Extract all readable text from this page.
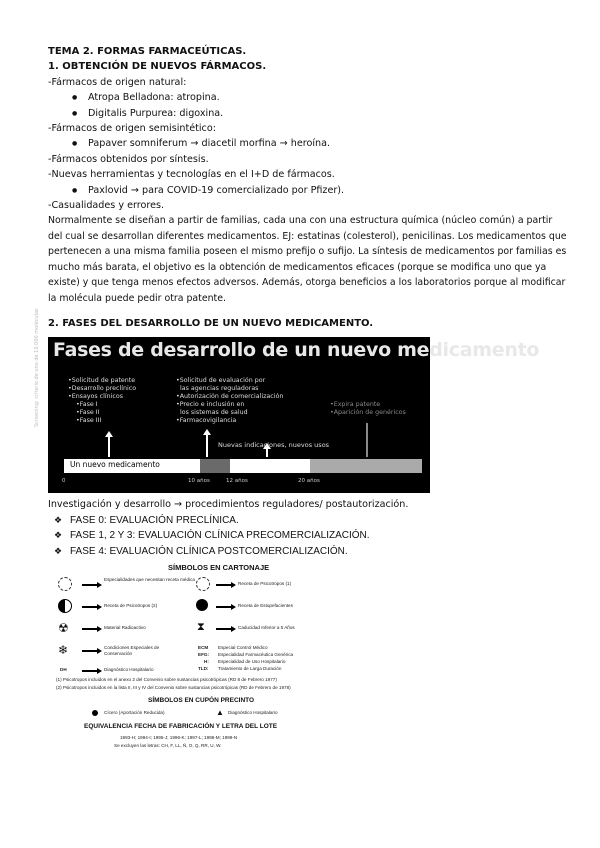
TEMA 2. FORMAS FARMACEÚTICAS.
1. OBTENCIÓN DE NUEVOS FÁRMACOS.
-Fármacos de origen natural:
● Atropa Belladona: atropina.
● Digitalis Purpurea: digoxina.
-Fármacos de origen semisintético:
● Papaver somniferum → diacetil morfina → heroína.
-Fármacos obtenidos por síntesis.
-Nuevas herramientas y tecnologías en el I+D de fármacos.
● Paxlovid → para COVID-19 comercializado por Pfizer).
-Casualidades y errores.
Normalmente se diseñan a partir de familias, cada una con una estructura química (núcleo común) a partir del cual se desarrollan diferentes medicamentos. EJ: estatinas (colesterol), penicilinas. Los medicamentos que pertenecen a una misma familia poseen el mismo prefijo o sufijo. La síntesis de medicamentos por familias es mucho más barata, el objetivo es la obtención de medicamentos eficaces (porque se modifica uno que ya existe) y que tenga menos efectos adversos. Además, otorga beneficios a los laboratorios porque al modificar la molécula puede pedir otra patente.
2. FASES DEL DESARROLLO DE UN NUEVO MEDICAMENTO.
Fases de desarrollo de un nuevo medicamento
Screening: criterio de uno de 10.000 moléculas	•Solicitud de patente
•Desarrollo preclínico
•Ensayos clínicos
•Fase I
•Fase II
•Fase III
•Solicitud de evaluación por
las agencias reguladoras
•Autorización de comercialización
•Precio e inclusión en
los sistemas de salud
•Farmacovigilancia
•Expira patente
•Aparición de genéricos
Nuevas indicaciones, nuevos usos
Un nuevo medicamento
0	10 años	12 años	20 años
Investigación y desarrollo → procedimientos reguladores/ postautorización.
❖ FASE 0: EVALUACIÓN PRECLÍNICA.
❖ FASE 1, 2 Y 3: EVALUACIÓN CLÍNICA PRECOMERCIALIZACIÓN.
❖ FASE 4: EVALUACIÓN CLÍNICA POSTCOMERCIALIZACIÓN.
SÍMBOLOS EN CARTONAJE
Especialidades que necesitan receta médica
Receta de Psicotropos (2)
☢	Material Radioactivo
❄	Condiciones Especiales de Conservación
DH	Diagnóstico Hospitalario
Receta de Psicotropos (1)
Receta de Estupefacientes
⧗	Caducidad Inferior a 5 Años
ECM Especial Control Médico
EFG: Especialidad Farmacéutica Genérica
H: Especialidad de Uso Hospitalario
TLD: Tratamiento de Larga Duración
(1) Psicotropos incluidos en el anexo 2 del Convenio sobre sustancias psicotrópicas (RD 8 de Febrero 1977)
(2) Psicotropos incluidos en la lista II, III y IV del Convenio sobre sustancias psicotrópicas (RD de Febrero de 1978)
SÍMBOLOS EN CUPÓN PRECINTO
Cícero (Aportación Reducida)	▲ Diagnóstico Hospitalario
EQUIVALENCIA FECHA DE FABRICACIÓN Y LETRA DEL LOTE
1993-H; 1994-I; 1995-J; 1996-K; 1997-L; 1998-M; 1999-N
Se excluyen las letras: CH, F, LL, Ñ, O, Q, RR, U, W.
